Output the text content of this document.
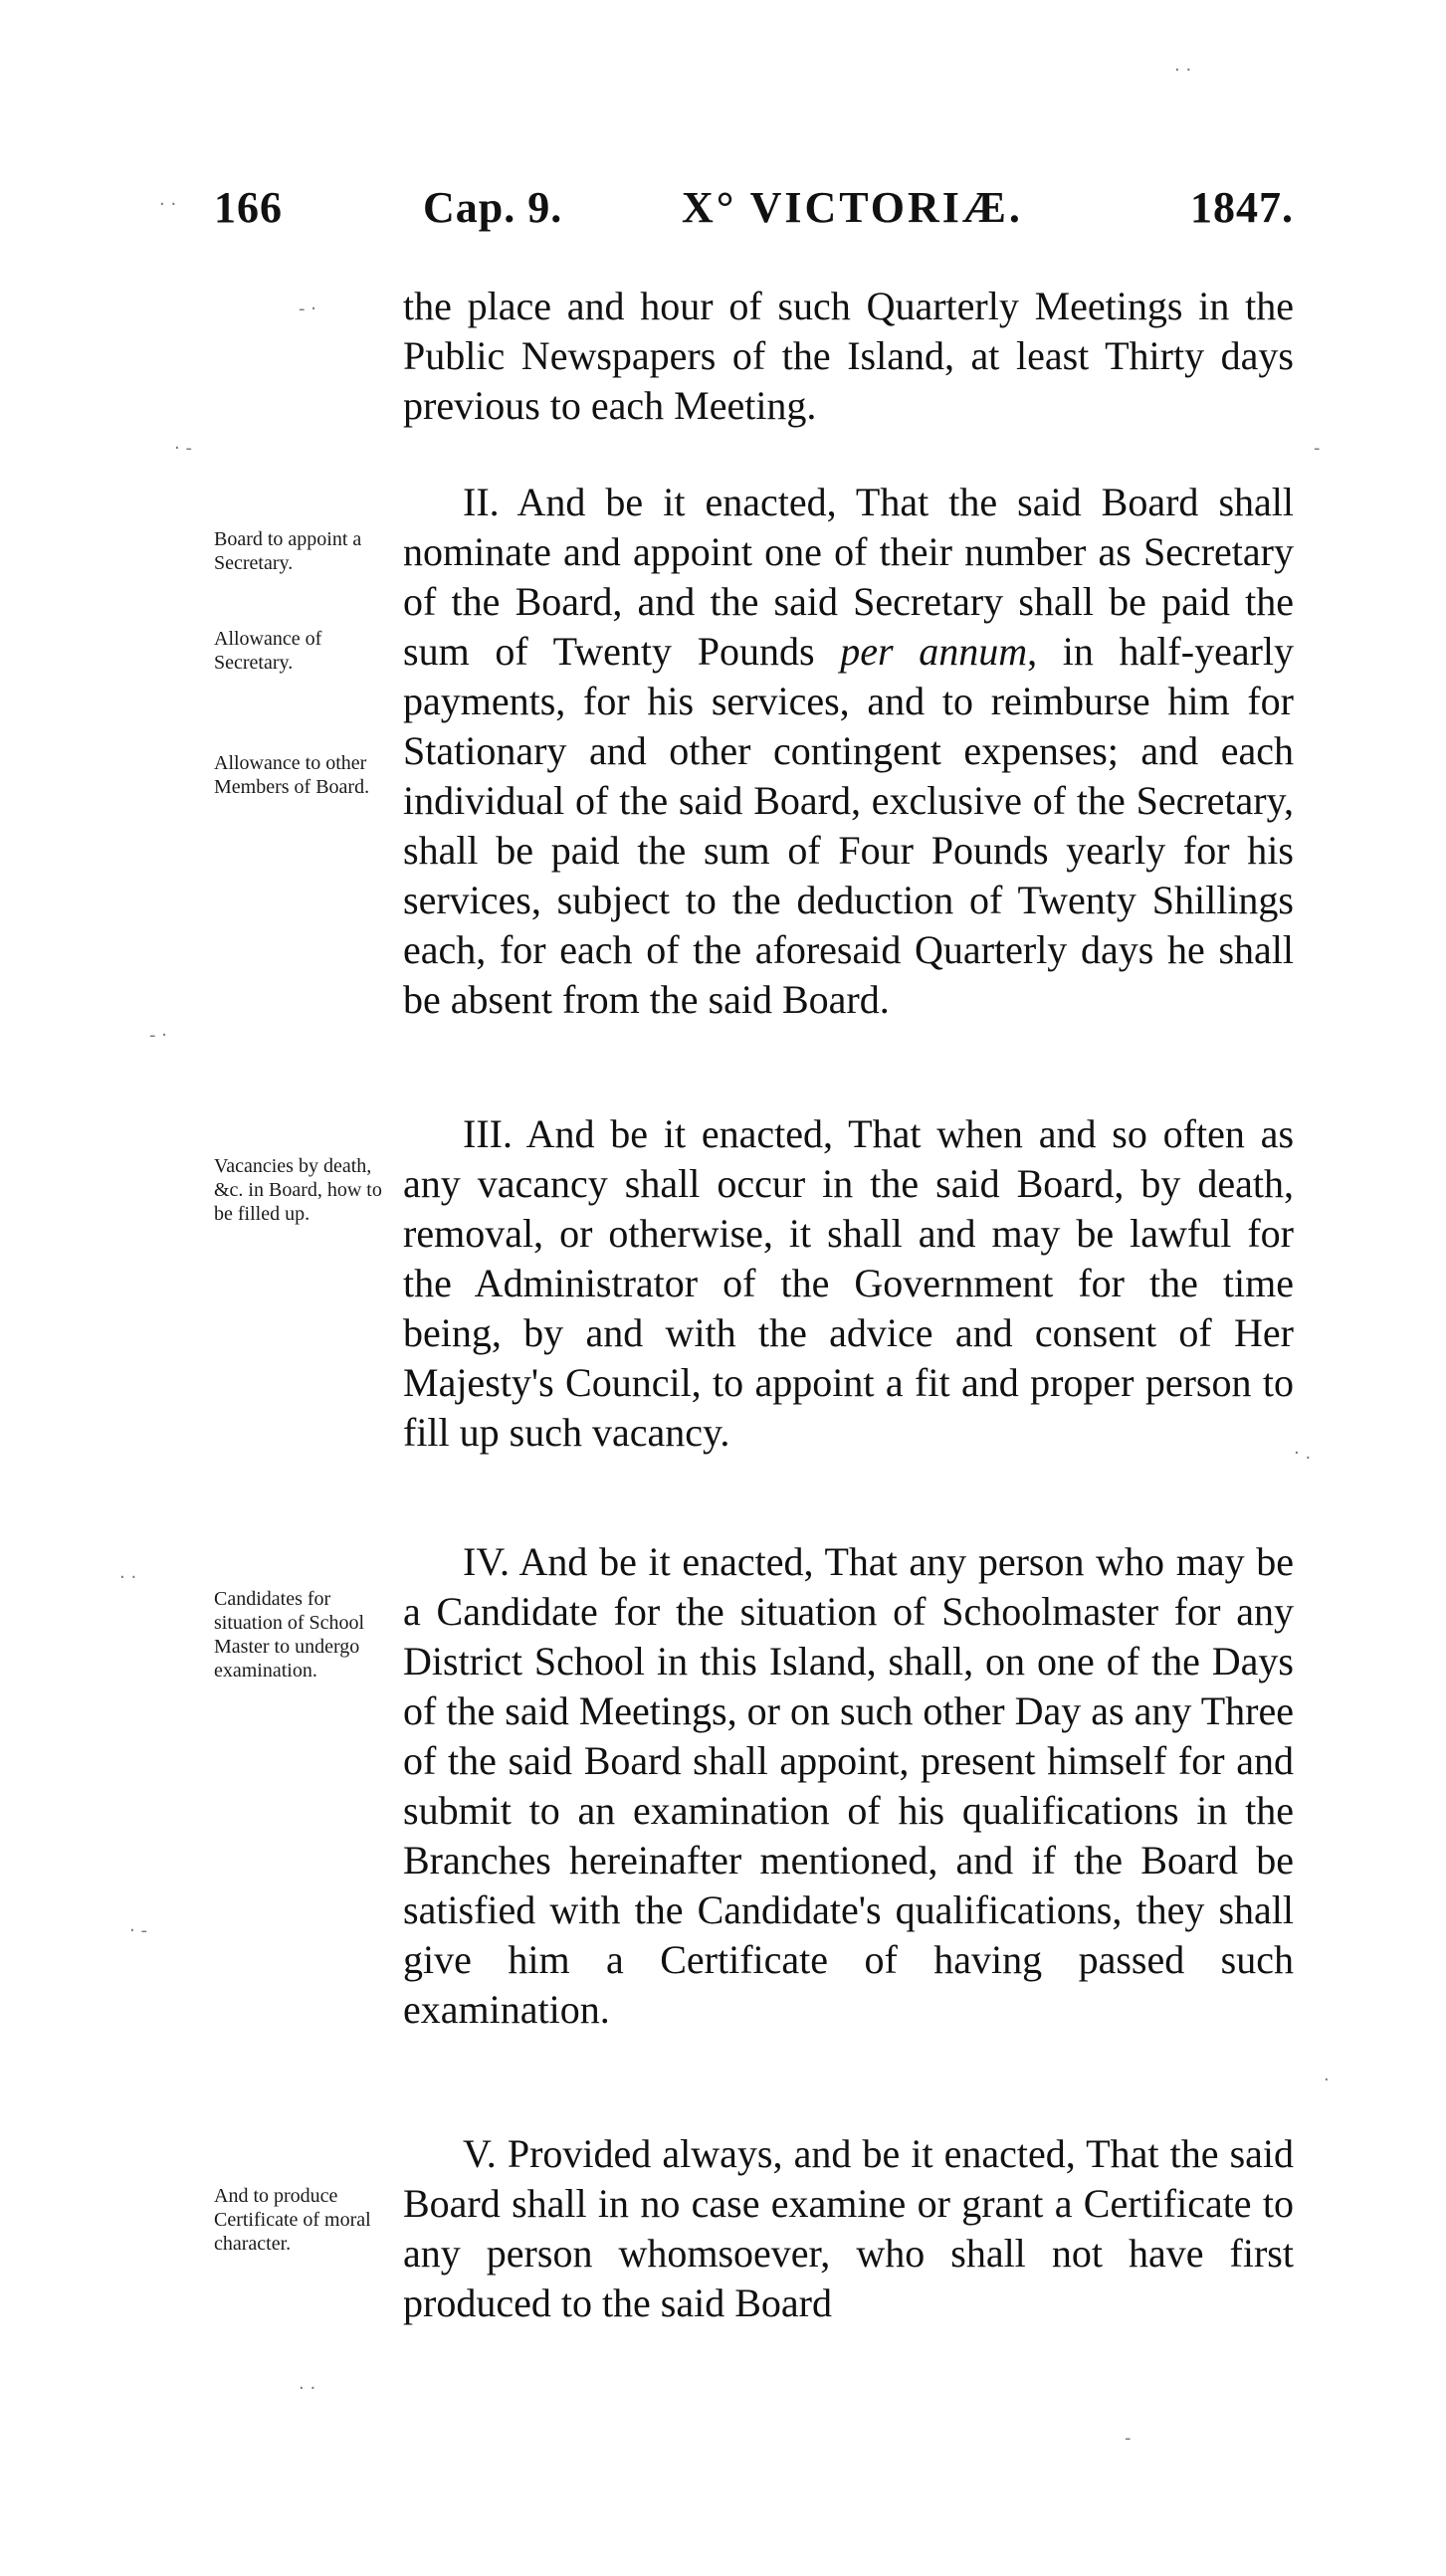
166	Cap. 9.	X° VICTORIÆ.	1847.

the place and hour of such Quarterly Meetings in the Public Newspapers of the Island, at least Thirty days previous to each Meeting.

II. And be it enacted, That the said Board shall nominate and appoint one of their number as Secretary of the Board, and the said Secretary shall be paid the sum of Twenty Pounds per annum, in half-yearly payments, for his services, and to reimburse him for Stationary and other contingent expenses; and each individual of the said Board, exclusive of the Secretary, shall be paid the sum of Four Pounds yearly for his services, subject to the deduction of Twenty Shillings each, for each of the aforesaid Quarterly days he shall be absent from the said Board.

Board to appoint a Secretary.
Allowance of Secretary.
Allowance to other Members of Board.

III. And be it enacted, That when and so often as any vacancy shall occur in the said Board, by death, removal, or otherwise, it shall and may be lawful for the Administrator of the Government for the time being, by and with the advice and consent of Her Majesty's Council, to appoint a fit and proper person to fill up such vacancy.

Vacancies by death, &c. in Board, how to be filled up.

IV. And be it enacted, That any person who may be a Candidate for the situation of Schoolmaster for any District School in this Island, shall, on one of the Days of the said Meetings, or on such other Day as any Three of the said Board shall appoint, present himself for and submit to an examination of his qualifications in the Branches hereinafter mentioned, and if the Board be satisfied with the Candidate's qualifications, they shall give him a Certificate of having passed such examination.

Candidates for situation of School Master to undergo examination.

V. Provided always, and be it enacted, That the said Board shall in no case examine or grant a Certificate to any person whomsoever, who shall not have first produced to the said Board

And to produce Certificate of moral character.
· ·
. .
- ·
· -	-
- ·
· .
· ·
· -
·
· ·
-
